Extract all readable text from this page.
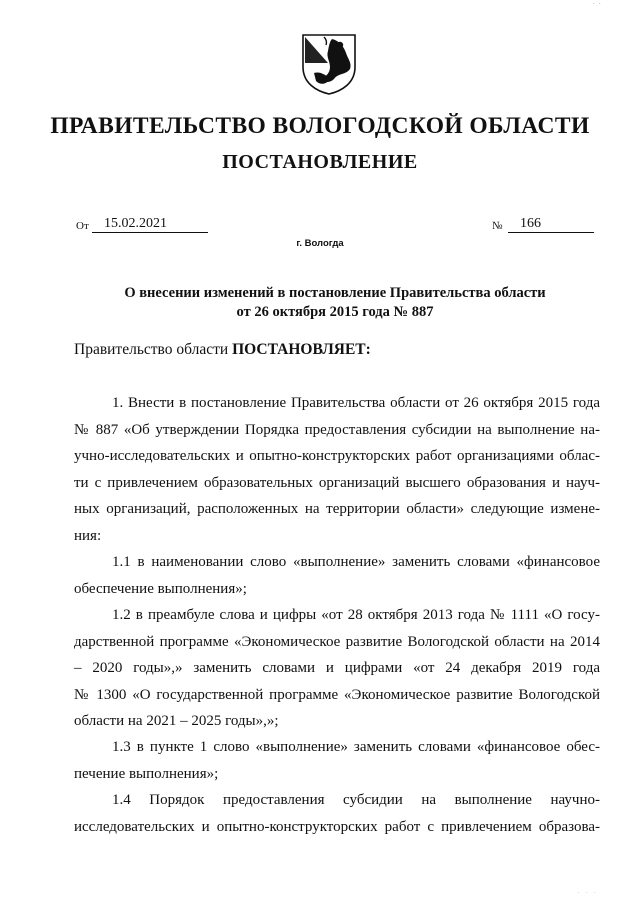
· ·
ПРАВИТЕЛЬСТВО ВОЛОГОДСКОЙ ОБЛАСТИ
ПОСТАНОВЛЕНИЕ
От	15.02.2021	№	166
г. Вологда
О внесении изменений в постановление Правительства области
от 26 октября 2015 года № 887
Правительство области ПОСТАНОВЛЯЕТ:
1. Внести в постановление Правительства области от 26 октября 2015 года
№ 887 «Об утверждении Порядка предоставления субсидии на выполнение на-
учно-исследовательских и опытно-конструкторских работ организациями облас-
ти с привлечением образовательных организаций высшего образования и науч-
ных организаций, расположенных на территории области» следующие измене-
ния:
1.1 в наименовании слово «выполнение» заменить словами «финансовое
обеспечение выполнения»;
1.2 в преамбуле слова и цифры «от 28 октября 2013 года № 1111 «О госу-
дарственной программе «Экономическое развитие Вологодской области на 2014
– 2020 годы»,» заменить словами и цифрами «от 24 декабря 2019 года
№ 1300 «О государственной программе «Экономическое развитие Вологодской
области на 2021 – 2025 годы»,»;
1.3 в пункте 1 слово «выполнение» заменить словами «финансовое обес-
печение выполнения»;
1.4 Порядок предоставления субсидии на выполнение научно-
исследовательских и опытно-конструкторских работ с привлечением образова-
· · ·
